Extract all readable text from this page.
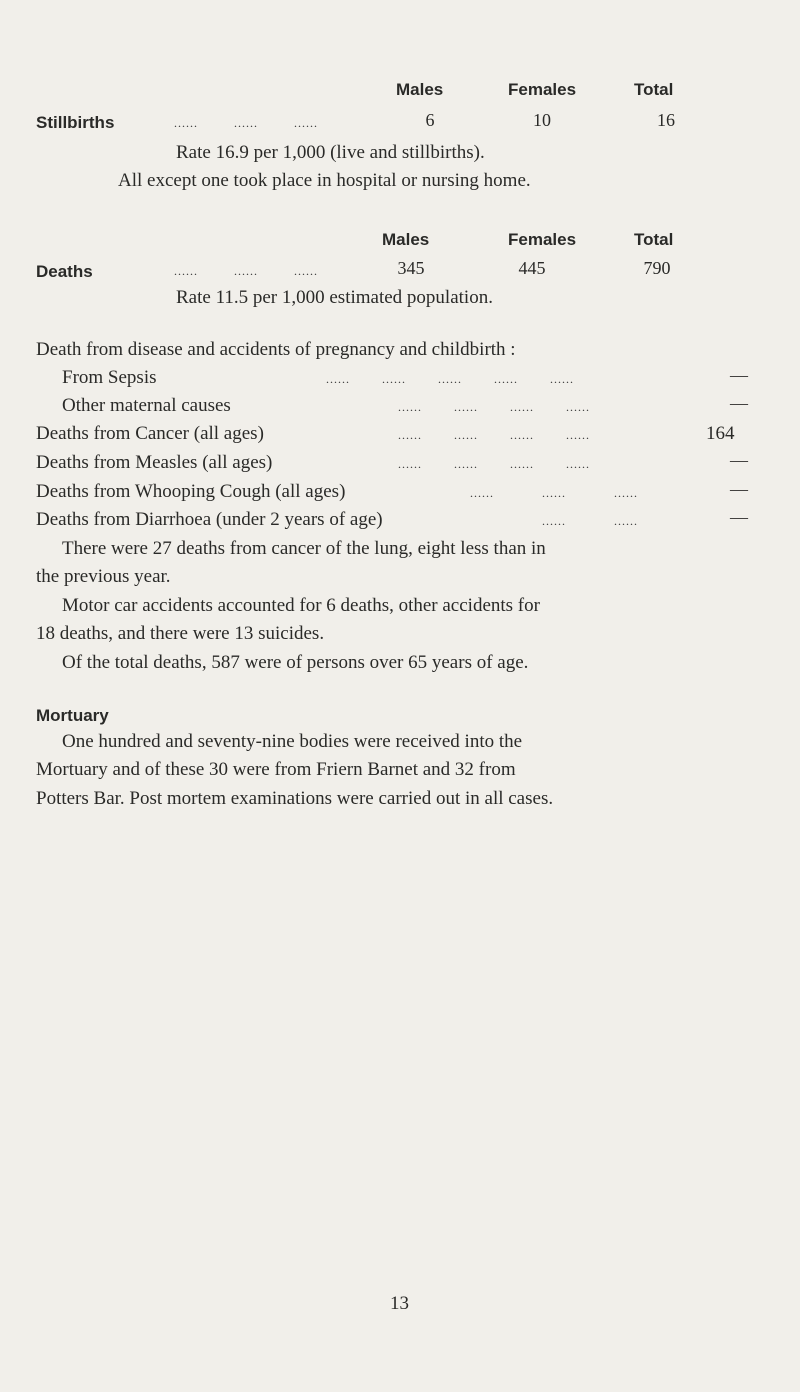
Males	Females	Total
Stillbirths	......         ......         ......	6	10	16
Rate 16.9 per 1,000 (live and stillbirths).
All except one took place in hospital or nursing home.
Males	Females	Total
Deaths	......         ......         ......	345	445	790
Rate 11.5 per 1,000 estimated population.
Death from disease and accidents of pregnancy and childbirth :
From Sepsis	......        ......        ......        ......        ......	—
Other maternal causes	......        ......        ......        ......	—
Deaths from Cancer (all ages)	......        ......        ......        ......	164
Deaths from Measles (all ages)	......        ......        ......        ......	—
Deaths from Whooping Cough (all ages)	......            ......            ......	—
Deaths from Diarrhoea (under 2 years of age)	......            ......	—
There were 27 deaths from cancer of the lung, eight less than in
the previous year.
Motor car accidents accounted for 6 deaths, other accidents for
18 deaths, and there were 13 suicides.
Of the total deaths, 587 were of persons over 65 years of age.
Mortuary
One hundred and seventy-nine bodies were received into the
Mortuary and of these 30 were from Friern Barnet and 32 from
Potters Bar. Post mortem examinations were carried out in all cases.
13
